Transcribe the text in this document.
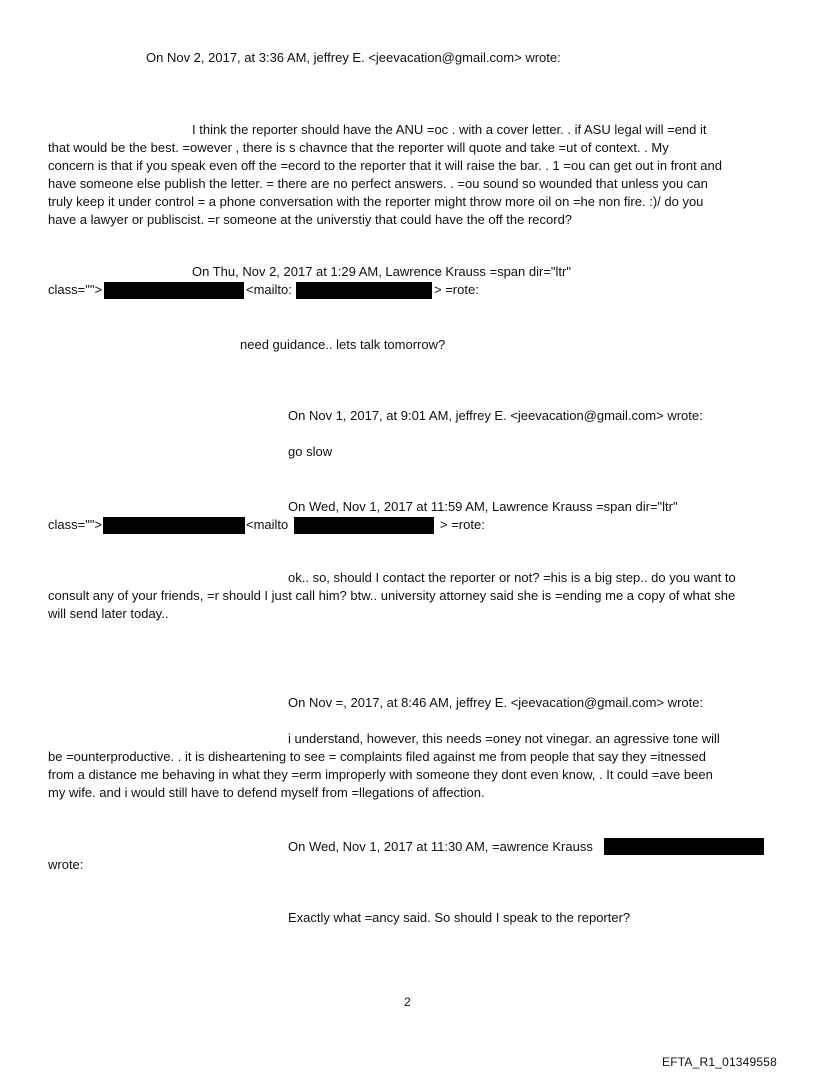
On Nov 2, 2017, at 3:36 AM, jeffrey E. <jeevacation@gmail.com> wrote:
I think the reporter should have the ANU =oc . with a cover letter. . if ASU legal will =end it
that would be the best. =owever , there is s chavnce that the reporter will quote and take =ut of context. . My
concern is that if you speak even off the =ecord to the reporter that it will raise the bar. . 1 =ou can get out in front and
have someone else publish the letter. = there are no perfect answers. . =ou sound so wounded that unless you can
truly keep it under control = a phone conversation with the reporter might throw more oil on =he non fire. :)/ do you
have a lawyer or publiscist. =r someone at the universtiy that could have the off the record?
On Thu, Nov 2, 2017 at 1:29 AM, Lawrence Krauss =span dir="ltr"
class="">	<mailto:	> =rote:
need guidance.. lets talk tomorrow?
On Nov 1, 2017, at 9:01 AM, jeffrey E. <jeevacation@gmail.com> wrote:
go slow
On Wed, Nov 1, 2017 at 11:59 AM, Lawrence Krauss =span dir="ltr"
class="">	<mailto	> =rote:
ok.. so, should I contact the reporter or not? =his is a big step.. do you want to
consult any of your friends, =r should I just call him? btw.. university attorney said she is =ending me a copy of what she
will send later today..
On Nov =, 2017, at 8:46 AM, jeffrey E. <jeevacation@gmail.com> wrote:
i understand, however, this needs =oney not vinegar. an agressive tone will
be =ounterproductive. . it is disheartening to see = complaints filed against me from people that say they =itnessed
from a distance me behaving in what they =erm improperly with someone they dont even know, . It could =ave been
my wife. and i would still have to defend myself from =llegations of affection.
On Wed, Nov 1, 2017 at 11:30 AM, =awrence Krauss
wrote:
Exactly what =ancy said. So should I speak to the reporter?
2
EFTA_R1_01349558
